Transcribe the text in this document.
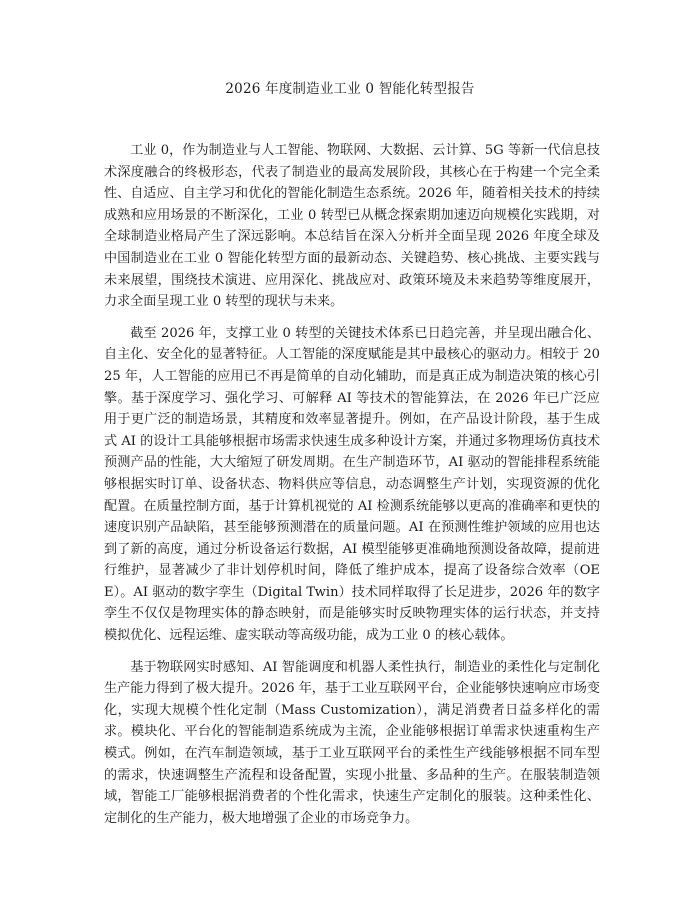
2026 年度制造业工业 0 智能化转型报告

工业 0，作为制造业与人工智能、物联网、大数据、云计算、5G 等新一代信息技术深度融合的终极形态，代表了制造业的最高发展阶段，其核心在于构建一个完全柔性、自适应、自主学习和优化的智能化制造生态系统。2026 年，随着相关技术的持续成熟和应用场景的不断深化，工业 0 转型已从概念探索期加速迈向规模化实践期，对全球制造业格局产生了深远影响。本总结旨在深入分析并全面呈现 2026 年度全球及中国制造业在工业 0 智能化转型方面的最新动态、关键趋势、核心挑战、主要实践与未来展望，围绕技术演进、应用深化、挑战应对、政策环境及未来趋势等维度展开，力求全面呈现工业 0 转型的现状与未来。

截至 2026 年，支撑工业 0 转型的关键技术体系已日趋完善，并呈现出融合化、自主化、安全化的显著特征。人工智能的深度赋能是其中最核心的驱动力。相较于 2025 年，人工智能的应用已不再是简单的自动化辅助，而是真正成为制造决策的核心引擎。基于深度学习、强化学习、可解释 AI 等技术的智能算法，在 2026 年已广泛应用于更广泛的制造场景，其精度和效率显著提升。例如，在产品设计阶段，基于生成式 AI 的设计工具能够根据市场需求快速生成多种设计方案，并通过多物理场仿真技术预测产品的性能，大大缩短了研发周期。在生产制造环节，AI 驱动的智能排程系统能够根据实时订单、设备状态、物料供应等信息，动态调整生产计划，实现资源的优化配置。在质量控制方面，基于计算机视觉的 AI 检测系统能够以更高的准确率和更快的速度识别产品缺陷，甚至能够预测潜在的质量问题。AI 在预测性维护领域的应用也达到了新的高度，通过分析设备运行数据，AI 模型能够更准确地预测设备故障，提前进行维护，显著减少了非计划停机时间，降低了维护成本，提高了设备综合效率（OEE）。AI 驱动的数字孪生（Digital Twin）技术同样取得了长足进步，2026 年的数字孪生不仅仅是物理实体的静态映射，而是能够实时反映物理实体的运行状态，并支持模拟优化、远程运维、虚实联动等高级功能，成为工业 0 的核心载体。

基于物联网实时感知、AI 智能调度和机器人柔性执行，制造业的柔性化与定制化生产能力得到了极大提升。2026 年，基于工业互联网平台，企业能够快速响应市场变化，实现大规模个性化定制（Mass Customization），满足消费者日益多样化的需求。模块化、平台化的智能制造系统成为主流，企业能够根据订单需求快速重构生产模式。例如，在汽车制造领域，基于工业互联网平台的柔性生产线能够根据不同车型的需求，快速调整生产流程和设备配置，实现小批量、多品种的生产。在服装制造领域，智能工厂能够根据消费者的个性化需求，快速生产定制化的服装。这种柔性化、定制化的生产能力，极大地增强了企业的市场竞争力。
